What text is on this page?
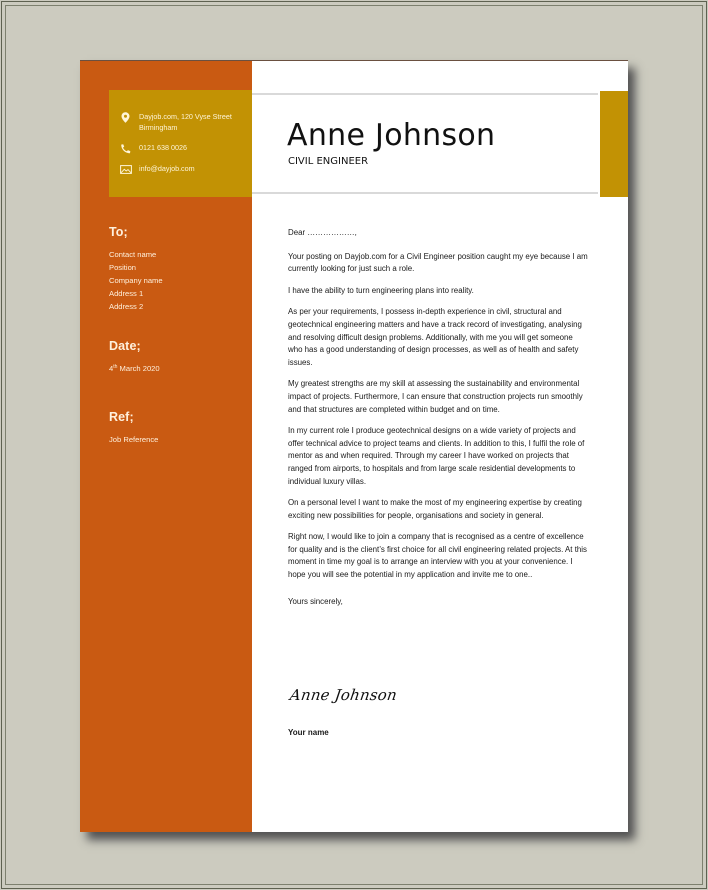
Dayjob.com, 120 Vyse Street Birmingham
0121 638 0026
info@dayjob.com
To;
Contact name
Position
Company name
Address 1
Address 2
Date;
4th March 2020
Ref;
Job Reference
Anne Johnson
CIVIL ENGINEER

Dear ………………,

Your posting on Dayjob.com for a Civil Engineer position caught my eye because I am currently looking for just such a role.

I have the ability to turn engineering plans into reality.

As per your requirements, I possess in-depth experience in civil, structural and geotechnical engineering matters and have a track record of investigating, analysing and resolving difficult design problems. Additionally, with me you will get someone who has a good understanding of design processes, as well as of health and safety issues.

My greatest strengths are my skill at assessing the sustainability and environmental impact of projects. Furthermore, I can ensure that construction projects run smoothly and that structures are completed within budget and on time.

In my current role I produce geotechnical designs on a wide variety of projects and offer technical advice to project teams and clients. In addition to this, I fulfil the role of mentor as and when required. Through my career I have worked on projects that ranged from airports, to hospitals and from large scale residential developments to individual luxury villas.

On a personal level I want to make the most of my engineering expertise by creating exciting new possibilities for people, organisations and society in general.

Right now, I would like to join a company that is recognised as a centre of excellence for quality and is the client’s first choice for all civil engineering related projects. At this moment in time my goal is to arrange an interview with you at your convenience. I hope you will see the potential in my application and invite me to one..

Yours sincerely,

Anne Johnson
Your name
